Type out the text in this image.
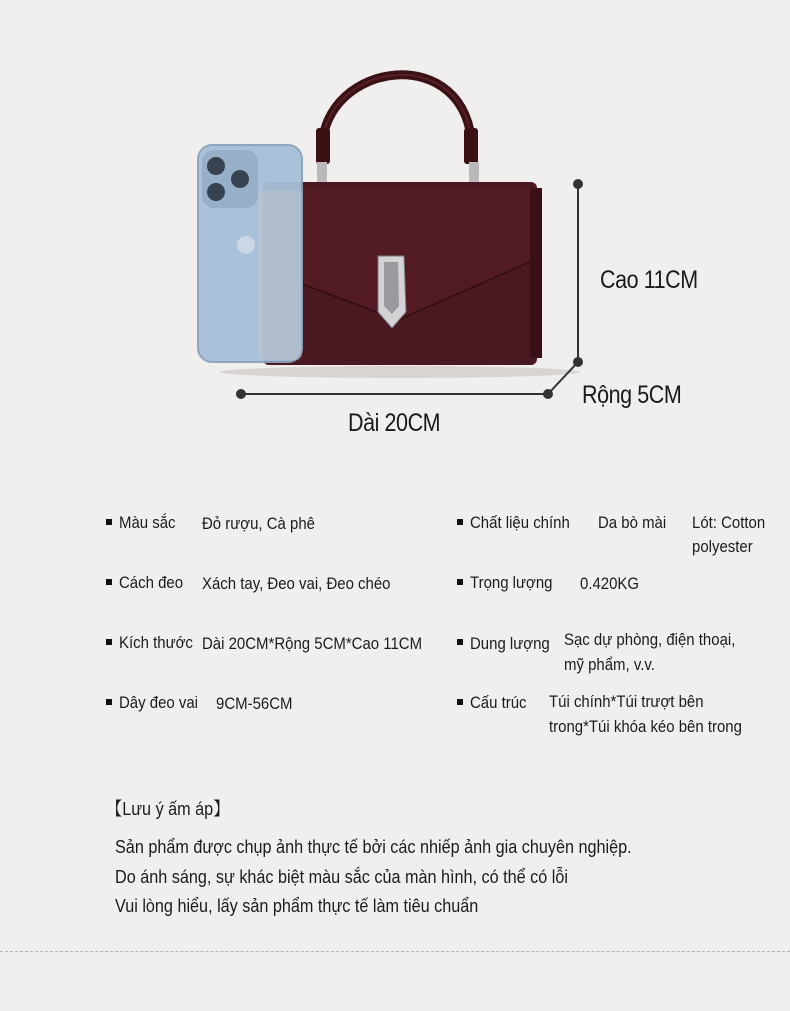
Cao 11CM
Rộng 5CM
Dài 20CM
Màu sắc Đỏ rượu, Cà phê
Cách đeo Xách tay, Đeo vai, Đeo chéo
Kích thước Dài 20CM*Rộng 5CM*Cao 11CM
Dây đeo vai 9CM-56CM
Chất liệu chính Da bò mài Lót: Cotton
polyester
Trọng lượng 0.420KG
Dung lượng Sạc dự phòng, điện thoại,
mỹ phẩm, v.v.
Cấu trúc Túi chính*Túi trượt bên
trong*Túi khóa kéo bên trong
【Lưu ý ấm áp】
Sản phẩm được chụp ảnh thực tế bởi các nhiếp ảnh gia chuyên nghiệp.
Do ánh sáng, sự khác biệt màu sắc của màn hình, có thể có lỗi
Vui lòng hiểu, lấy sản phẩm thực tế làm tiêu chuẩn
